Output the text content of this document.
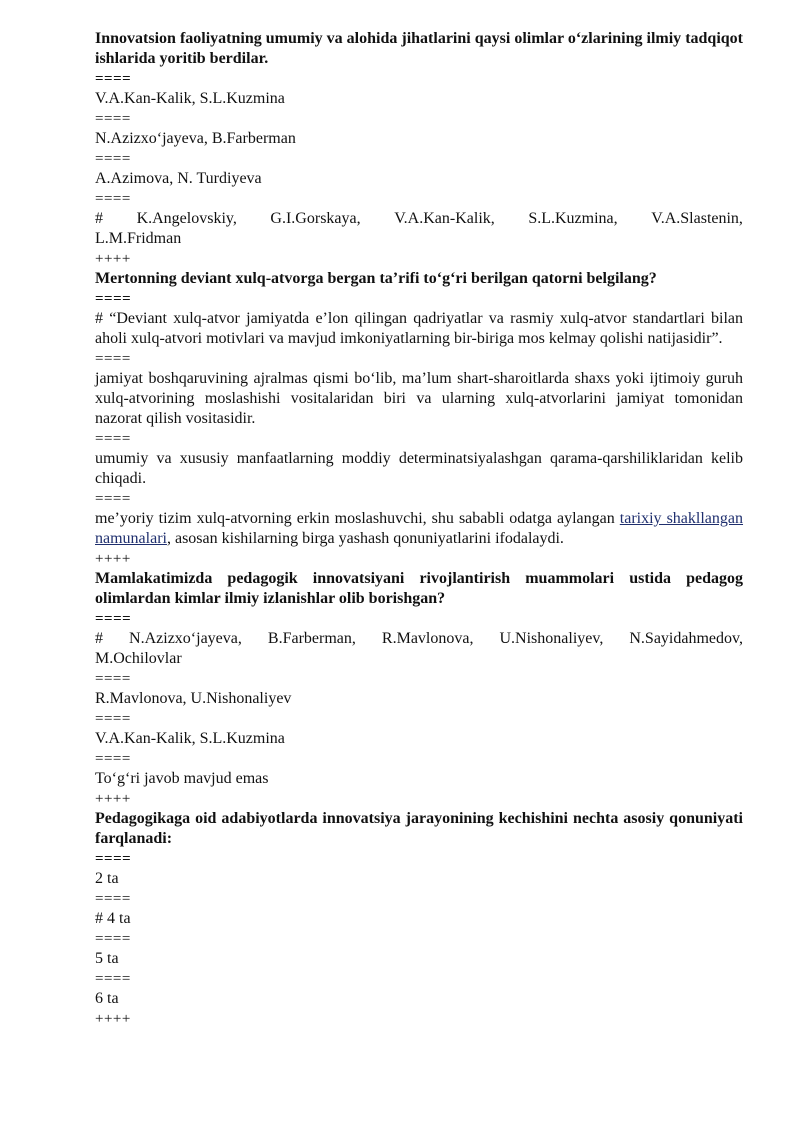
Innovatsion faoliyatning umumiy va alohida jihatlarini qaysi olimlar o‘zlarining ilmiy tadqiqot ishlarida yoritib berdilar.

====

V.A.Kan-Kalik, S.L.Kuzmina

====

N.Azizxo‘jayeva, B.Farberman

====

A.Azimova, N. Turdiyeva

====

# K.Angelovskiy, G.I.Gorskaya, V.A.Kan-Kalik, S.L.Kuzmina, V.A.Slastenin,

L.M.Fridman

++++

Mertonning deviant xulq-atvorga bergan ta’rifi to‘g‘ri berilgan qatorni belgilang?

====

# “Deviant xulq-atvor jamiyatda e’lon qilingan qadriyatlar va rasmiy xulq-atvor standartlari bilan aholi xulq-atvori motivlari va mavjud imkoniyatlarning bir-biriga mos kelmay qolishi natijasidir”.

====

jamiyat boshqaruvining ajralmas qismi bo‘lib, ma’lum shart-sharoitlarda shaxs yoki ijtimoiy guruh xulq-atvorining moslashishi vositalaridan biri va ularning xulq-atvorlarini jamiyat tomonidan nazorat qilish vositasidir.

====

umumiy va xususiy manfaatlarning moddiy determinatsiyalashgan qarama-qarshiliklaridan kelib chiqadi.

====

me’yoriy tizim xulq-atvorning erkin moslashuvchi, shu sababli odatga aylangan tarixiy shakllangan namunalari, asosan kishilarning birga yashash qonuniyatlarini ifodalaydi.

++++

Mamlakatimizda pedagogik innovatsiyani rivojlantirish muammolari ustida pedagog olimlardan kimlar ilmiy izlanishlar olib borishgan?

====

# N.Azizxo‘jayeva, B.Farberman, R.Mavlonova, U.Nishonaliyev, N.Sayidahmedov,

M.Ochilovlar

====

R.Mavlonova, U.Nishonaliyev

====

V.A.Kan-Kalik, S.L.Kuzmina

====

To‘g‘ri javob mavjud emas

++++

Pedagogikaga oid adabiyotlarda innovatsiya jarayonining kechishini nechta asosiy qonuniyati farqlanadi:

====

2 ta

====

# 4 ta

====

5 ta

====

6 ta

++++
